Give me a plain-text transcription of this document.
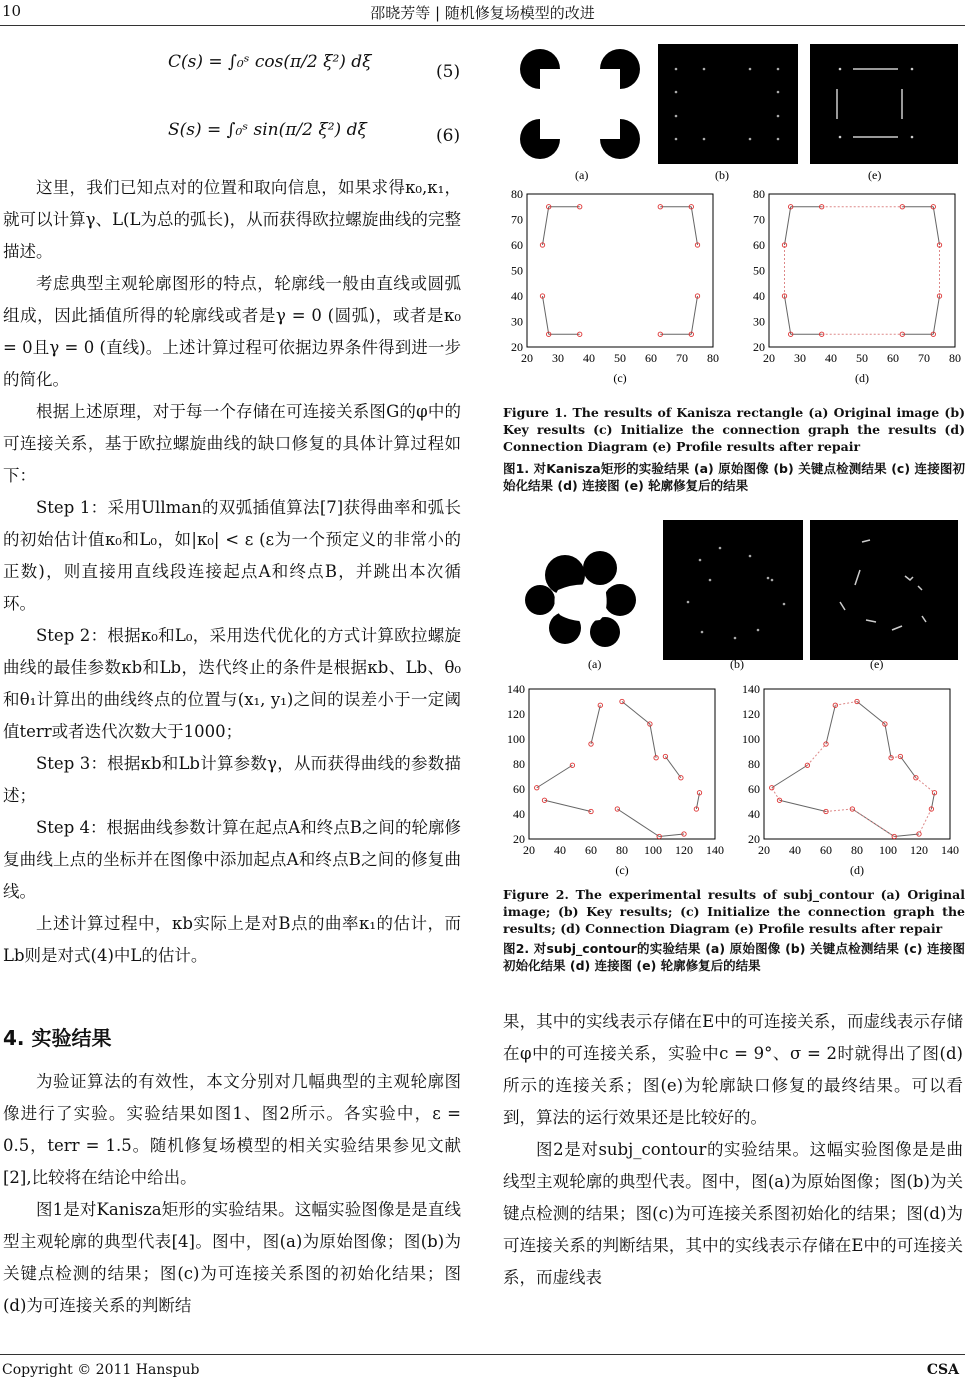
10	邵晓芳等 | 随机修复场模型的改进
C(s) = ∫₀ˢ cos(π/2 ξ²) dξ	(5)
S(s) = ∫₀ˢ sin(π/2 ξ²) dξ	(6)

这里，我们已知点对的位置和取向信息，如果求得κ₀,κ₁，就可以计算γ、L(L为总的弧长)，从而获得欧拉螺旋曲线的完整描述。

考虑典型主观轮廓图形的特点，轮廓线一般由直线或圆弧组成，因此插值所得的轮廓线或者是γ = 0 (圆弧)，或者是κ₀ = 0且γ = 0 (直线)。上述计算过程可依据边界条件得到进一步的简化。

根据上述原理，对于每一个存储在可连接关系图G的φ中的可连接关系，基于欧拉螺旋曲线的缺口修复的具体计算过程如下：

Step 1：采用Ullman的双弧插值算法[7]获得曲率和弧长的初始估计值κ₀和L₀，如|κ₀| < ε (ε为一个预定义的非常小的正数)，则直接用直线段连接起点A和终点B，并跳出本次循环。

Step 2：根据κ₀和L₀，采用迭代优化的方式计算欧拉螺旋曲线的最佳参数κb和Lb，迭代终止的条件是根据κb、Lb、θ₀和θ₁计算出的曲线终点的位置与(x₁, y₁)之间的误差小于一定阈值terr或者迭代次数大于1000；

Step 3：根据κb和Lb计算参数γ，从而获得曲线的参数描述；

Step 4：根据曲线参数计算在起点A和终点B之间的轮廓修复曲线上点的坐标并在图像中添加起点A和终点B之间的修复曲线。

上述计算过程中，κb实际上是对B点的曲率κ₁的估计，而Lb则是对式(4)中L的估计。

4. 实验结果

为验证算法的有效性，本文分别对几幅典型的主观轮廓图像进行了实验。实验结果如图1、图2所示。各实验中，ε = 0.5，terr = 1.5。随机修复场模型的相关实验结果参见文献[2],比较将在结论中给出。

图1是对Kanisza矩形的实验结果。这幅实验图像是是直线型主观轮廓的典型代表[4]。图中，图(a)为原始图像；图(b)为关键点检测的结果；图(c)为可连接关系图的初始化结果；图(d)为可连接关系的判断结

(a)	(b)	(e)
20 30 40 50 60 70 80
20
30
40
50
60
70
80
(c)
20 30 40 50 60 70 80
20
30
40
50
60
70
80
(d)
Figure 1. The results of Kanisza rectangle (a) Original image (b) Key results (c) Initialize the connection graph the results (d) Connection Diagram (e) Profile results after repair
图1. 对Kanisza矩形的实验结果 (a) 原始图像 (b) 关键点检测结果 (c) 连接图初始化结果 (d) 连接图 (e) 轮廓修复后的结果
(a)	(b)	(e)
20 40 60 80 100 120 140
20
40
60
80
100
120
140
(c)
20 40 60 80 100 120 140
20
40
60
80
100
120
140
(d)
Figure 2. The experimental results of subj_contour (a) Original image; (b) Key results; (c) Initialize the connection graph the results; (d) Connection Diagram (e) Profile results after repair
图2. 对subj_contour的实验结果 (a) 原始图像 (b) 关键点检测结果 (c) 连接图初始化结果 (d) 连接图 (e) 轮廓修复后的结果

果，其中的实线表示存储在E中的可连接关系，而虚线表示存储在φ中的可连接关系，实验中c = 9°、σ = 2时就得出了图(d)所示的连接关系；图(e)为轮廓缺口修复的最终结果。可以看到，算法的运行效果还是比较好的。

图2是对subj_contour的实验结果。这幅实验图像是是曲线型主观轮廓的典型代表。图中，图(a)为原始图像；图(b)为关键点检测的结果；图(c)为可连接关系图初始化的结果；图(d)为可连接关系的判断结果，其中的实线表示存储在E中的可连接关系，而虚线表

Copyright © 2011 Hanspub	CSA
